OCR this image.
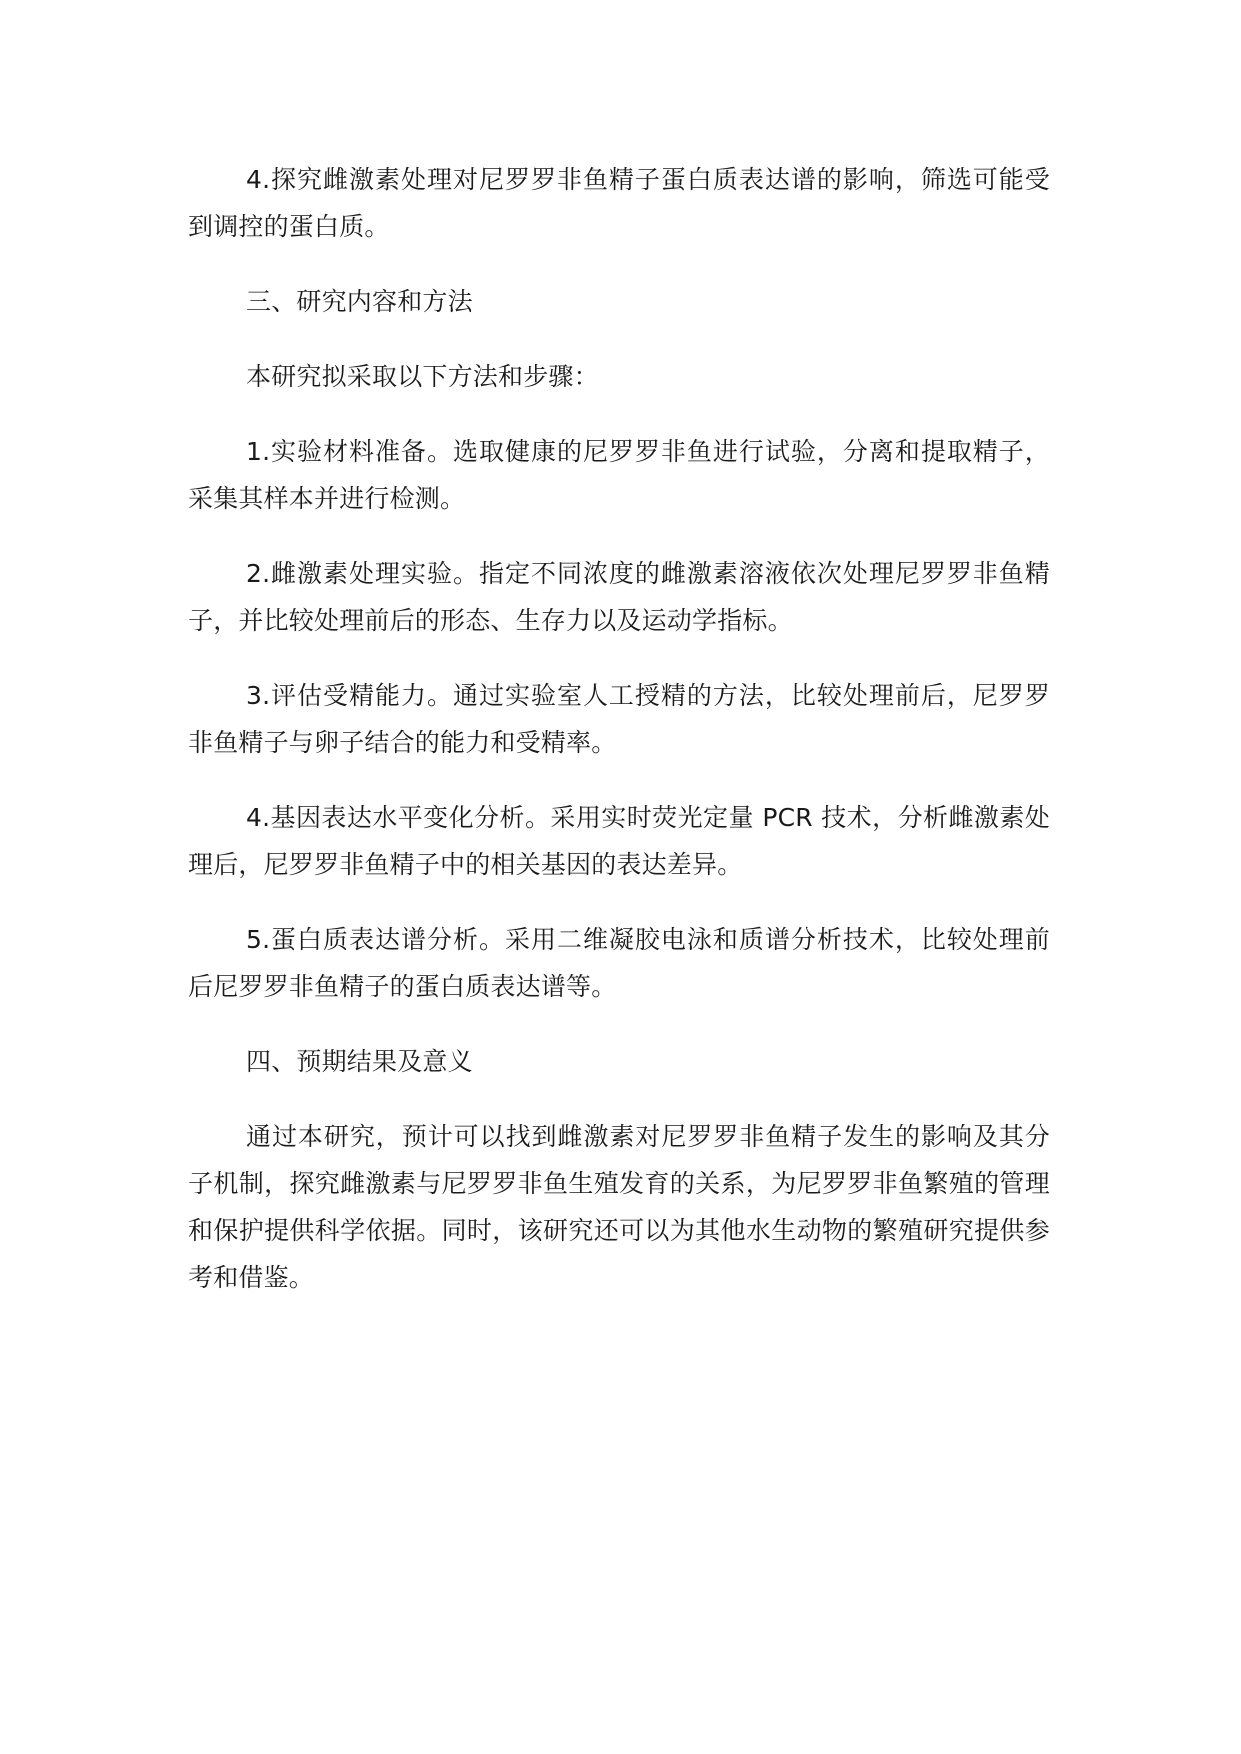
4.探究雌激素处理对尼罗罗非鱼精子蛋白质表达谱的影响，筛选可能受到调控的蛋白质。

三、研究内容和方法

本研究拟采取以下方法和步骤：

1.实验材料准备。选取健康的尼罗罗非鱼进行试验，分离和提取精子，采集其样本并进行检测。

2.雌激素处理实验。指定不同浓度的雌激素溶液依次处理尼罗罗非鱼精子，并比较处理前后的形态、生存力以及运动学指标。

3.评估受精能力。通过实验室人工授精的方法，比较处理前后，尼罗罗非鱼精子与卵子结合的能力和受精率。

4.基因表达水平变化分析。采用实时荧光定量 PCR 技术，分析雌激素处理后，尼罗罗非鱼精子中的相关基因的表达差异。

5.蛋白质表达谱分析。采用二维凝胶电泳和质谱分析技术，比较处理前后尼罗罗非鱼精子的蛋白质表达谱等。

四、预期结果及意义

通过本研究，预计可以找到雌激素对尼罗罗非鱼精子发生的影响及其分子机制，探究雌激素与尼罗罗非鱼生殖发育的关系，为尼罗罗非鱼繁殖的管理和保护提供科学依据。同时，该研究还可以为其他水生动物的繁殖研究提供参考和借鉴。
